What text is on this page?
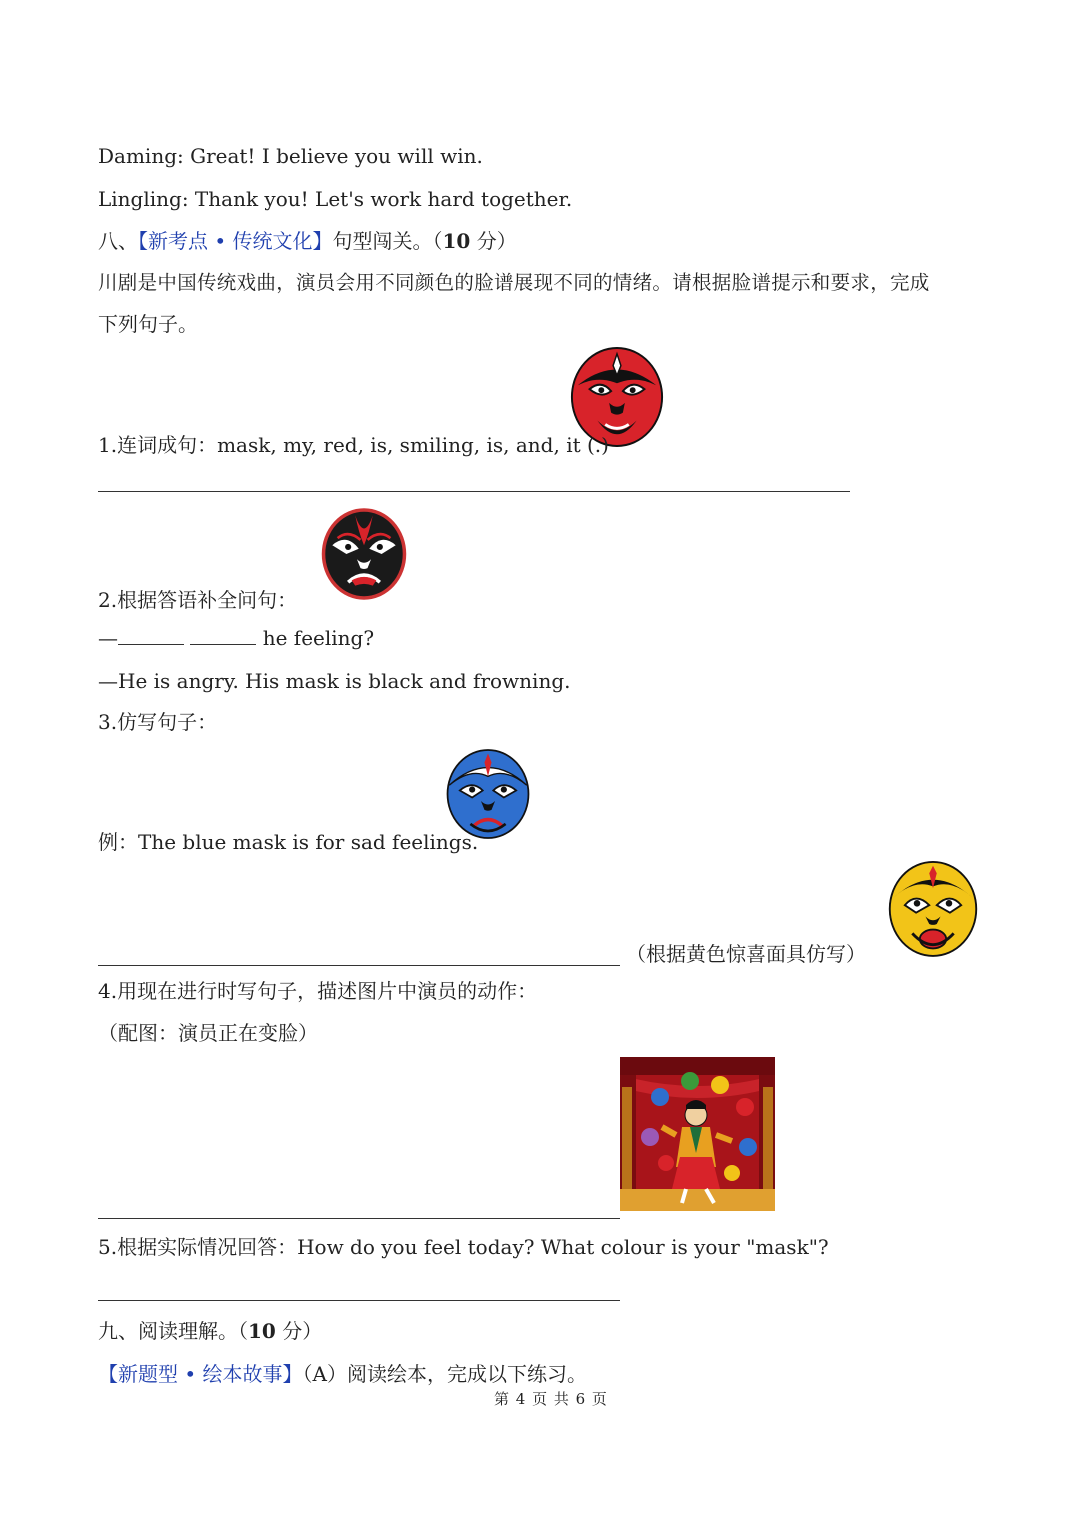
Daming: Great! I believe you will win.
Lingling: Thank you! Let's work hard together.
八、【新考点 • 传统文化】句型闯关。（10 分）
川剧是中国传统戏曲，演员会用不同颜色的脸谱展现不同的情绪。请根据脸谱提示和要求，完成
下列句子。
1.连词成句：mask, my, red, is, smiling, is, and, it (.)
2.根据答语补全问句：
—	he feeling?
—He is angry. His mask is black and frowning.
3.仿写句子：
例：The blue mask is for sad feelings.
（根据黄色惊喜面具仿写）
4.用现在进行时写句子，描述图片中演员的动作：
（配图：演员正在变脸）
5.根据实际情况回答：How do you feel today? What colour is your "mask"?
九、阅读理解。（10 分）
【新题型 • 绘本故事】（A）阅读绘本，完成以下练习。
第 4 页 共 6 页
